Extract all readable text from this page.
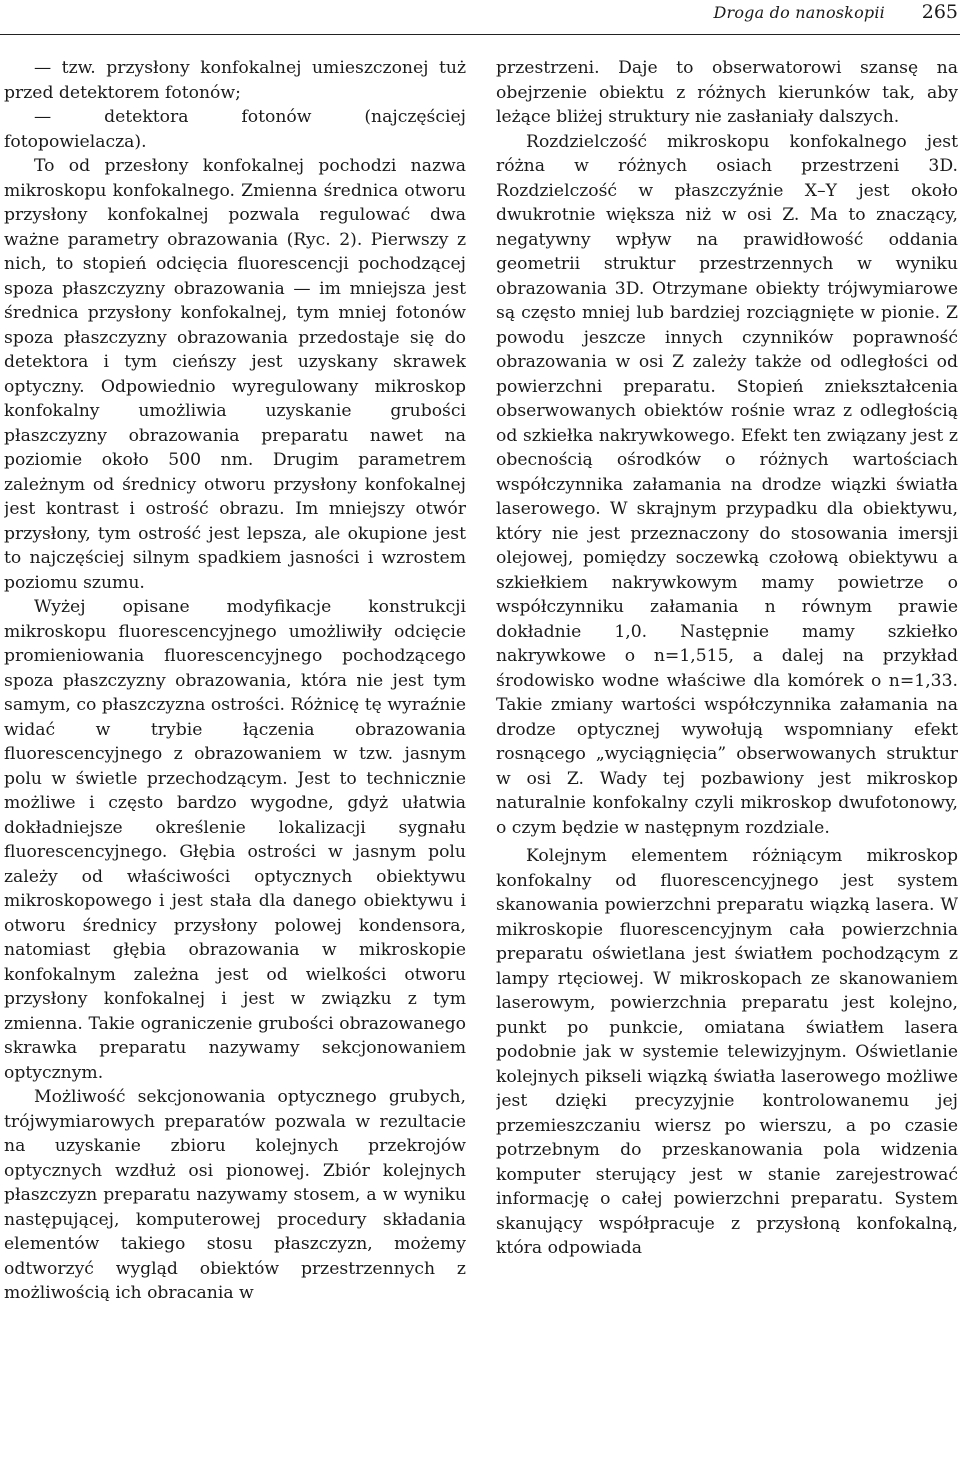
Droga do nanoskopii 265

— tzw. przysłony konfokalnej umieszczonej tuż przed detektorem fotonów;

— detektora fotonów (najczęściej fotopowielacza).

To od przesłony konfokalnej pochodzi nazwa mikroskopu konfokalnego. Zmienna średnica otworu przysłony konfokalnej pozwala regulować dwa ważne parametry obrazowania (Ryc. 2). Pierwszy z nich, to stopień odcięcia fluorescencji pochodzącej spoza płaszczyzny obrazowania — im mniejsza jest średnica przysłony konfokalnej, tym mniej fotonów spoza płaszczyzny obrazowania przedostaje się do detektora i tym cieńszy jest uzyskany skrawek optyczny. Odpowiednio wyregulowany mikroskop konfokalny umożliwia uzyskanie grubości płaszczyzny obrazowania preparatu nawet na poziomie około 500 nm. Drugim parametrem zależnym od średnicy otworu przysłony konfokalnej jest kontrast i ostrość obrazu. Im mniejszy otwór przysłony, tym ostrość jest lepsza, ale okupione jest to najczęściej silnym spadkiem jasności i wzrostem poziomu szumu.

Wyżej opisane modyfikacje konstrukcji mikroskopu fluorescencyjnego umożliwiły odcięcie promieniowania fluorescencyjnego pochodzącego spoza płaszczyzny obrazowania, która nie jest tym samym, co płaszczyzna ostrości. Różnicę tę wyraźnie widać w trybie łączenia obrazowania fluorescencyjnego z obrazowaniem w tzw. jasnym polu w świetle przechodzącym. Jest to technicznie możliwe i często bardzo wygodne, gdyż ułatwia dokładniejsze określenie lokalizacji sygnału fluorescencyjnego. Głębia ostrości w jasnym polu zależy od właściwości optycznych obiektywu mikroskopowego i jest stała dla danego obiektywu i otworu średnicy przysłony polowej kondensora, natomiast głębia obrazowania w mikroskopie konfokalnym zależna jest od wielkości otworu przysłony konfokalnej i jest w związku z tym zmienna. Takie ograniczenie grubości obrazowanego skrawka preparatu nazywamy sekcjonowaniem optycznym.

Możliwość sekcjonowania optycznego grubych, trójwymiarowych preparatów pozwala w rezultacie na uzyskanie zbioru kolejnych przekrojów optycznych wzdłuż osi pionowej. Zbiór kolejnych płaszczyzn preparatu nazywamy stosem, a w wyniku następującej, komputerowej procedury składania elementów takiego stosu płaszczyzn, możemy odtworzyć wygląd obiektów przestrzennych z możliwością ich obracania w

przestrzeni. Daje to obserwatorowi szansę na obejrzenie obiektu z różnych kierunków tak, aby leżące bliżej struktury nie zasłaniały dalszych.

Rozdzielczość mikroskopu konfokalnego jest różna w różnych osiach przestrzeni 3D. Rozdzielczość w płaszczyźnie X–Y jest około dwukrotnie większa niż w osi Z. Ma to znaczący, negatywny wpływ na prawidłowość oddania geometrii struktur przestrzennych w wyniku obrazowania 3D. Otrzymane obiekty trójwymiarowe są często mniej lub bardziej rozciągnięte w pionie. Z powodu jeszcze innych czynników poprawność obrazowania w osi Z zależy także od odległości od powierzchni preparatu. Stopień zniekształcenia obserwowanych obiektów rośnie wraz z odległością od szkiełka nakrywkowego. Efekt ten związany jest z obecnością ośrodków o różnych wartościach współczynnika załamania na drodze wiązki światła laserowego. W skrajnym przypadku dla obiektywu, który nie jest przeznaczony do stosowania imersji olejowej, pomiędzy soczewką czołową obiektywu a szkiełkiem nakrywkowym mamy powietrze o współczynniku załamania n równym prawie dokładnie 1,0. Następnie mamy szkiełko nakrywkowe o n=1,515, a dalej na przykład środowisko wodne właściwe dla komórek o n=1,33. Takie zmiany wartości współczynnika załamania na drodze optycznej wywołują wspomniany efekt rosnącego „wyciągnięcia” obserwowanych struktur w osi Z. Wady tej pozbawiony jest mikroskop naturalnie konfokalny czyli mikroskop dwufotonowy, o czym będzie w następnym rozdziale.

Kolejnym elementem różniącym mikroskop konfokalny od fluorescencyjnego jest system skanowania powierzchni preparatu wiązką lasera. W mikroskopie fluorescencyjnym cała powierzchnia preparatu oświetlana jest światłem pochodzącym z lampy rtęciowej. W mikroskopach ze skanowaniem laserowym, powierzchnia preparatu jest kolejno, punkt po punkcie, omiatana światłem lasera podobnie jak w systemie telewizyjnym. Oświetlanie kolejnych pikseli wiązką światła laserowego możliwe jest dzięki precyzyjnie kontrolowanemu jej przemieszczaniu wiersz po wierszu, a po czasie potrzebnym do przeskanowania pola widzenia komputer sterujący jest w stanie zarejestrować informację o całej powierzchni preparatu. System skanujący współpracuje z przysłoną konfokalną, która odpowiada
